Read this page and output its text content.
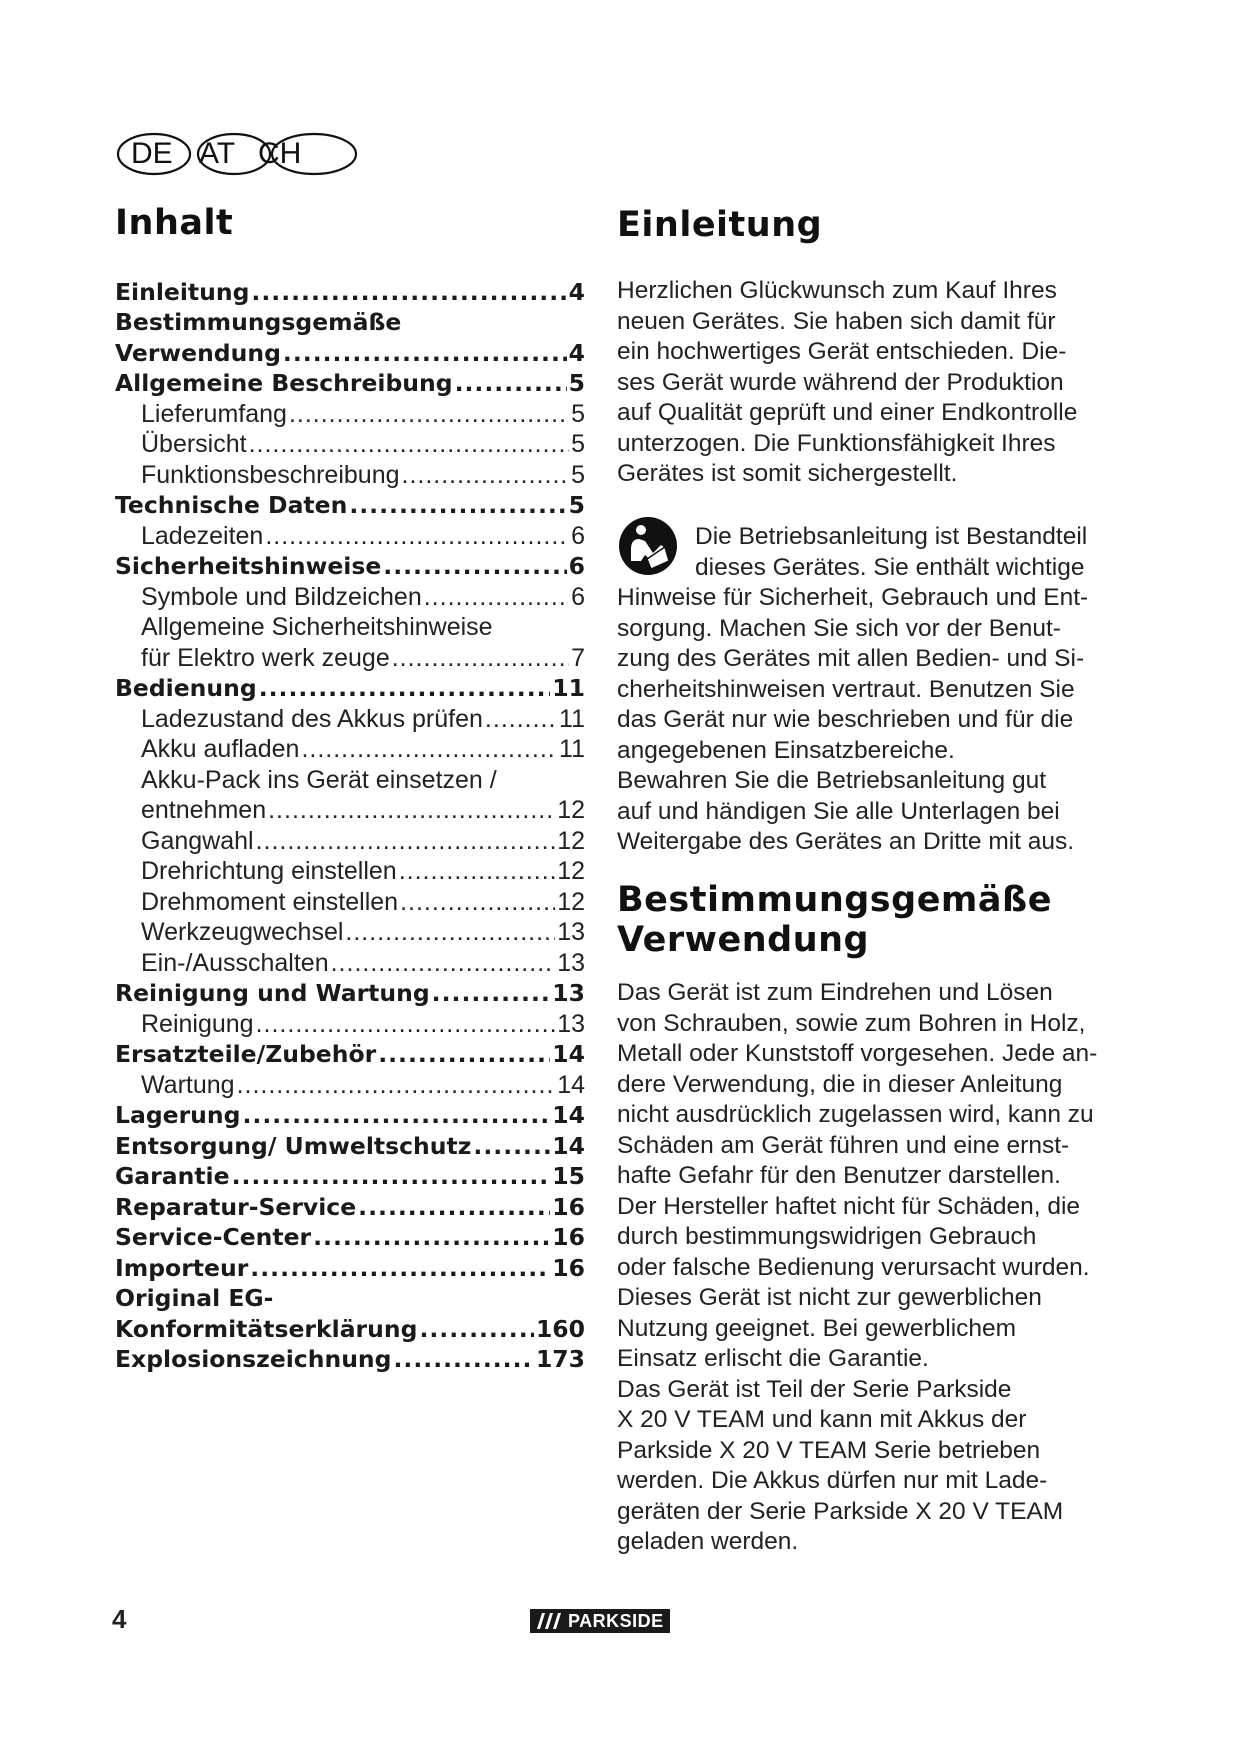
DE AT CH
Inhalt
Einleitung .....	4
Bestimmungsgemäße
Verwendung .....	4
Allgemeine Beschreibung .....	5
Lieferumfang .....	5
Übersicht .....	5
Funktionsbeschreibung .....	5
Technische Daten .....	5
Ladezeiten .....	6
Sicherheitshinweise .....	6
Symbole und Bildzeichen .....	6
Allgemeine Sicherheitshinweise
für Elektro werk zeuge .....	7
Bedienung .....	11
Ladezustand des Akkus prüfen .....	11
Akku aufladen .....	11
Akku-Pack ins Gerät einsetzen /
entnehmen .....	12
Gangwahl .....	12
Drehrichtung einstellen .....	12
Drehmoment einstellen .....	12
Werkzeugwechsel .....	13
Ein-/Ausschalten .....	13
Reinigung und Wartung .....	13
Reinigung .....	13
Ersatzteile/Zubehör .....	14
Wartung .....	14
Lagerung .....	14
Entsorgung/ Umweltschutz .....	14
Garantie .....	15
Reparatur-Service .....	16
Service-Center .....	16
Importeur .....	16
Original EG-
Konformitätserklärung .....	160
Explosionszeichnung .....	173
Einleitung
Herzlichen Glückwunsch zum Kauf Ihres
neuen Gerätes. Sie haben sich damit für
ein hochwertiges Gerät entschieden. Die-
ses Gerät wurde während der Produktion
auf Qualität geprüft und einer Endkontrolle
unterzogen. Die Funktionsfähigkeit Ihres
Gerätes ist somit sichergestellt.
Die Betriebsanleitung ist Bestandteil
dieses Gerätes. Sie enthält wichtige
Hinweise für Sicherheit, Gebrauch und Ent-
sorgung. Machen Sie sich vor der Benut-
zung des Gerätes mit allen Bedien- und Si-
cherheitshinweisen vertraut. Benutzen Sie
das Gerät nur wie beschrieben und für die
angegebenen Einsatzbereiche.
Bewahren Sie die Betriebsanleitung gut
auf und händigen Sie alle Unterlagen bei
Weitergabe des Gerätes an Dritte mit aus.
Bestimmungsgemäße
Verwendung
Das Gerät ist zum Eindrehen und Lösen
von Schrauben, sowie zum Bohren in Holz,
Metall oder Kunststoff vorgesehen. Jede an-
dere Verwendung, die in dieser Anleitung
nicht ausdrücklich zugelassen wird, kann zu
Schäden am Gerät führen und eine ernst-
hafte Gefahr für den Benutzer darstellen.
Der Hersteller haftet nicht für Schäden, die
durch bestimmungswidrigen Gebrauch
oder falsche Bedienung verursacht wurden.
Dieses Gerät ist nicht zur gewerblichen
Nutzung geeignet. Bei gewerblichem
Einsatz erlischt die Garantie.
Das Gerät ist Teil der Serie Parkside
X 20 V TEAM und kann mit Akkus der
Parkside X 20 V TEAM Serie betrieben
werden. Die Akkus dürfen nur mit Lade-
geräten der Serie Parkside X 20 V TEAM
geladen werden.
4	PARKSIDE
